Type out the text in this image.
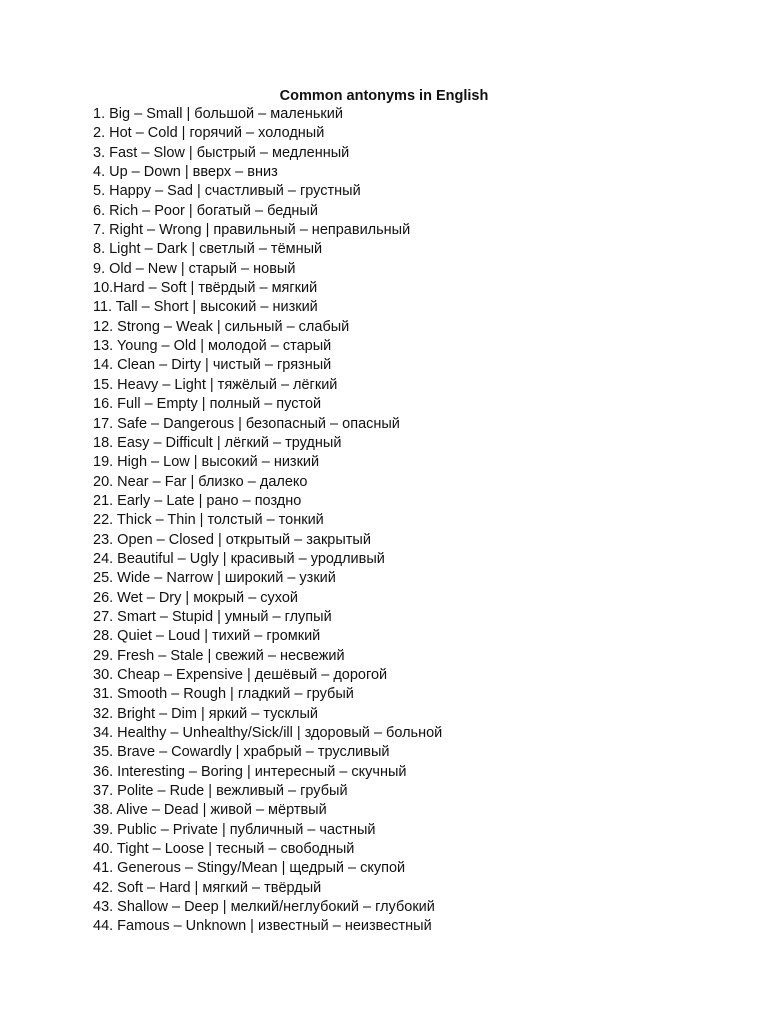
Common antonyms in English
1. Big – Small | большой – маленький
2. Hot – Cold | горячий – холодный
3. Fast – Slow | быстрый – медленный
4. Up – Down | вверх – вниз
5. Happy – Sad | счастливый – грустный
6. Rich – Poor | богатый – бедный
7. Right – Wrong | правильный – неправильный
8. Light – Dark | светлый – тёмный
9. Old – New | старый – новый
10.Hard – Soft | твёрдый – мягкий
11. Tall – Short | высокий – низкий
12. Strong – Weak | сильный – слабый
13. Young – Old | молодой – старый
14. Clean – Dirty | чистый – грязный
15. Heavy – Light | тяжёлый – лёгкий
16. Full – Empty | полный – пустой
17. Safe – Dangerous | безопасный – опасный
18. Easy – Difficult | лёгкий – трудный
19. High – Low | высокий – низкий
20. Near – Far | близко – далеко
21. Early – Late | рано – поздно
22. Thick – Thin | толстый – тонкий
23. Open – Closed | открытый – закрытый
24. Beautiful – Ugly | красивый – уродливый
25. Wide – Narrow | широкий – узкий
26. Wet – Dry | мокрый – сухой
27. Smart – Stupid | умный – глупый
28. Quiet – Loud | тихий – громкий
29. Fresh – Stale | свежий – несвежий
30. Cheap – Expensive | дешёвый – дорогой
31. Smooth – Rough | гладкий – грубый
32. Bright – Dim | яркий – тусклый
34. Healthy – Unhealthy/Sick/ill | здоровый – больной
35. Brave – Cowardly | храбрый – трусливый
36. Interesting – Boring | интересный – скучный
37. Polite – Rude | вежливый – грубый
38. Alive – Dead | живой – мёртвый
39. Public – Private | публичный – частный
40. Tight – Loose | тесный – свободный
41. Generous – Stingy/Mean | щедрый – скупой
42. Soft – Hard | мягкий – твёрдый
43. Shallow – Deep | мелкий/неглубокий – глубокий
44. Famous – Unknown | известный – неизвестный
